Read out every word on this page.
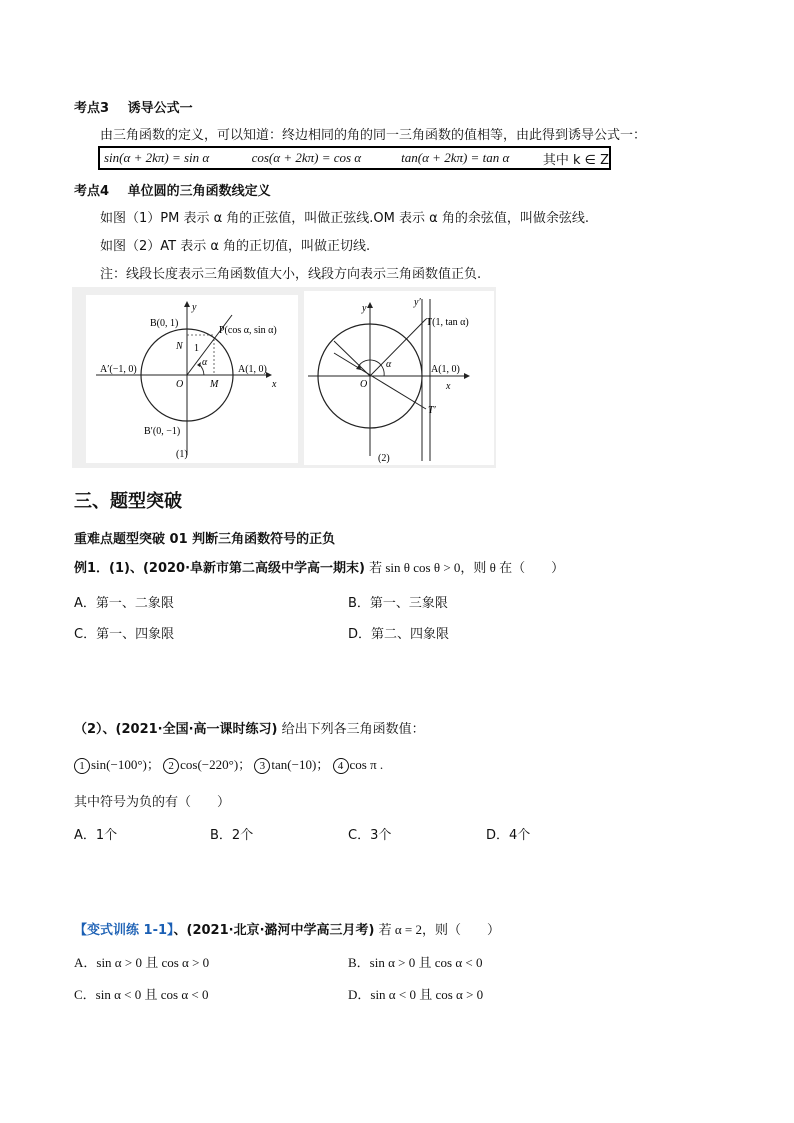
考点3 诱导公式一
由三角函数的定义，可以知道：终边相同的角的同一三角函数的值相等，由此得到诱导公式一：
sin(α + 2kπ) = sin α	cos(α + 2kπ) = cos α	tan(α + 2kπ) = tan α	其中 k ∈ Z
考点4 单位圆的三角函数线定义
如图（1）PM 表示 α 角的正弦值，叫做正弦线.OM 表示 α 角的余弦值，叫做余弦线.
如图（2）AT 表示 α 角的正切值，叫做正切线.
注：线段长度表示三角函数值大小，线段方向表示三角函数值正负.
y
x
B(0, 1)
P(cos α, sin α)
N 1
α
A′(−1, 0)
O	M
A(1, 0)
B′(0, −1)
(1)
y
y′
T(1, tan α)
α
O
A(1, 0)
x
T′
(2)
三、题型突破
重难点题型突破 01 判断三角函数符号的正负
例1．(1)、(2020·阜新市第二高级中学高一期末) 若 sin θ cos θ > 0，则 θ 在（　　）
A．第一、二象限	B．第一、三象限
C．第一、四象限	D．第二、四象限
（2）、(2021·全国·高一课时练习) 给出下列各三角函数值：
1 sin(−100°)； 2 cos(−220°)； 3 tan(−10)； 4 cos π .
其中符号为负的有（　　）
A．1个	B．2个	C．3个	D．4个
【变式训练 1-1】、(2021·北京·潞河中学高三月考) 若 α = 2，则（　　）
A．sin α > 0 且 cos α > 0	B．sin α > 0 且 cos α < 0
C．sin α < 0 且 cos α < 0	D．sin α < 0 且 cos α > 0
